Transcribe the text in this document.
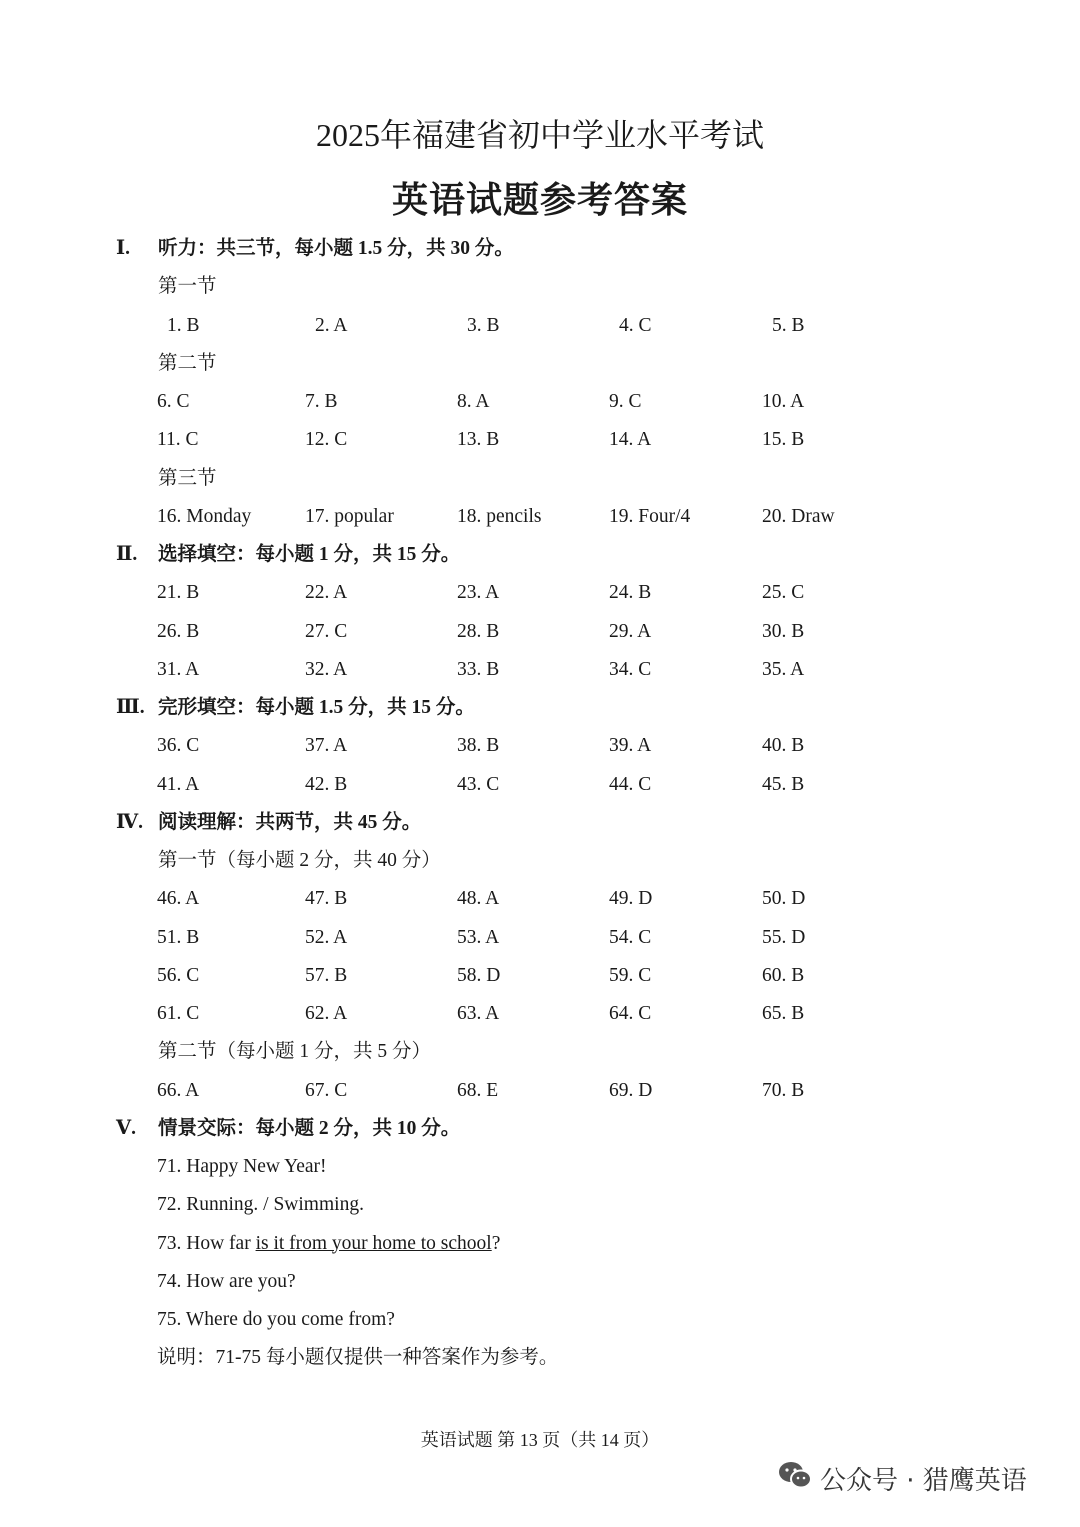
2025年福建省初中学业水平考试
英语试题参考答案
Ⅰ. 听力：共三节，每小题 1.5 分，共 30 分。
第一节
1. B	2. A	3. B	4. C	5. B
第二节
6. C	7. B	8. A	9. C	10. A
11. C	12. C	13. B	14. A	15. B
第三节
16. Monday	17. popular	18. pencils	19. Four/4	20. Draw
Ⅱ. 选择填空：每小题 1 分，共 15 分。
21. B	22. A	23. A	24. B	25. C
26. B	27. C	28. B	29. A	30. B
31. A	32. A	33. B	34. C	35. A
Ⅲ. 完形填空：每小题 1.5 分，共 15 分。
36. C	37. A	38. B	39. A	40. B
41. A	42. B	43. C	44. C	45. B
Ⅳ. 阅读理解：共两节，共 45 分。
第一节（每小题 2 分，共 40 分）
46. A	47. B	48. A	49. D	50. D
51. B	52. A	53. A	54. C	55. D
56. C	57. B	58. D	59. C	60. B
61. C	62. A	63. A	64. C	65. B
第二节（每小题 1 分，共 5 分）
66. A	67. C	68. E	69. D	70. B
Ⅴ. 情景交际：每小题 2 分，共 10 分。
71. Happy New Year!
72. Running. / Swimming.
73. How far is it from your home to school?
74. How are you?
75. Where do you come from?
说明：71-75 每小题仅提供一种答案作为参考。
英语试题 第 13 页（共 14 页）
公众号 · 猎鹰英语
